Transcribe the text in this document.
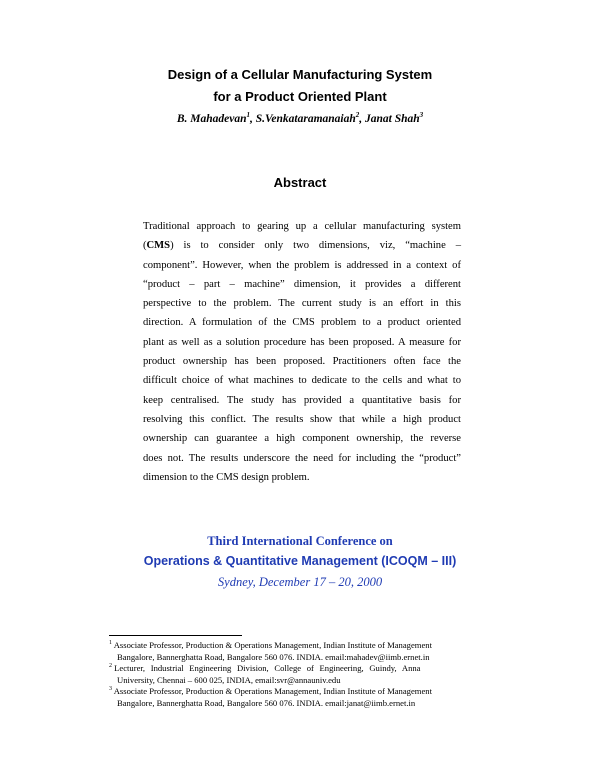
Design of a Cellular Manufacturing System
for a Product Oriented Plant
B. Mahadevan$^1$, S.Venkataramanaiah$^2$, Janat Shah$^3$
Abstract
Traditional approach to gearing up a cellular manufacturing system
(CMS) is to consider only two dimensions, viz, “machine –
component”. However, when the problem is addressed in a context of
“product – part – machine” dimension, it provides a different
perspective to the problem. The current study is an effort in this
direction. A formulation of the CMS problem to a product oriented
plant as well as a solution procedure has been proposed. A measure for
product ownership has been proposed. Practitioners often face the
difficult choice of what machines to dedicate to the cells and what to
keep centralised. The study has provided a quantitative basis for
resolving this conflict. The results show that while a high product
ownership can guarantee a high component ownership, the reverse
does not. The results underscore the need for including the “product”
dimension to the CMS design problem.
Third International Conference on
Operations & Quantitative Management (ICOQM – III)
Sydney, December 17 – 20, 2000
$^1$ Associate Professor, Production & Operations Management, Indian Institute of Management
Bangalore, Bannerghatta Road, Bangalore 560 076. INDIA. email:mahadev@iimb.ernet.in
$^2$ Lecturer, Industrial Engineering Division, College of Engineering, Guindy, Anna
University, Chennai – 600 025, INDIA, email:svr@annauniv.edu
$^3$ Associate Professor, Production & Operations Management, Indian Institute of Management
Bangalore, Bannerghatta Road, Bangalore 560 076. INDIA. email:janat@iimb.ernet.in
